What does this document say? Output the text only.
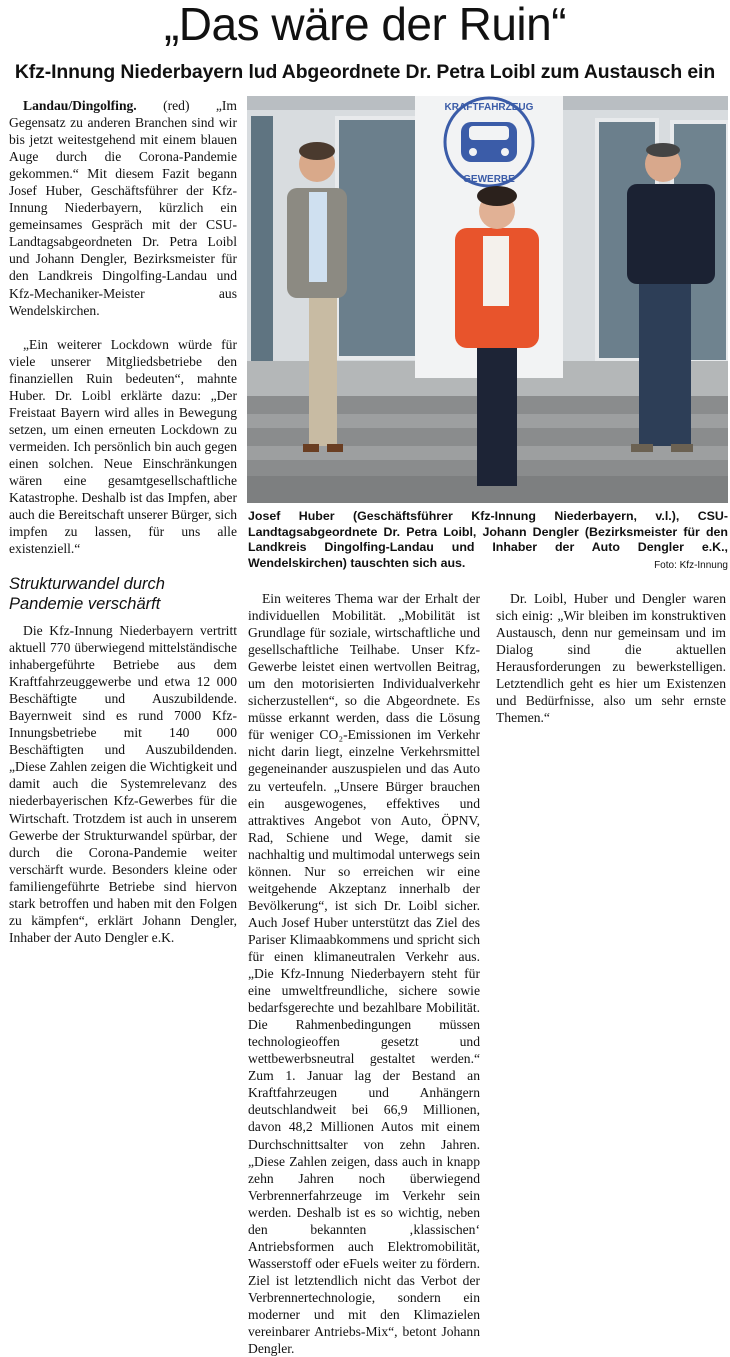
„Das wäre der Ruin“
Kfz-Innung Niederbayern lud Abgeordnete Dr. Petra Loibl zum Austausch ein

Landau/Dingolfing. (red) „Im Gegensatz zu anderen Branchen sind wir bis jetzt weitestgehend mit einem blauen Auge durch die Corona-Pandemie gekommen.“ Mit diesem Fazit begann Josef Huber, Geschäftsführer der Kfz-Innung Niederbayern, kürzlich ein gemeinsames Gespräch mit der CSU-Landtagsabgeordneten Dr. Petra Loibl und Johann Dengler, Bezirksmeister für den Landkreis Dingolfing-Landau und Kfz-Mechaniker-Meister aus Wendelskirchen.

„Ein weiterer Lockdown würde für viele unserer Mitgliedsbetriebe den finanziellen Ruin bedeuten“, mahnte Huber. Dr. Loibl erklärte dazu: „Der Freistaat Bayern wird alles in Bewegung setzen, um einen erneuten Lockdown zu vermeiden. Ich persönlich bin auch gegen einen solchen. Neue Einschränkungen wären eine gesamtgesellschaftliche Katastrophe. Deshalb ist das Impfen, aber auch die Bereitschaft unserer Bürger, sich impfen zu lassen, für uns alle existenziell.“

Strukturwandel durch Pandemie verschärft

Die Kfz-Innung Niederbayern vertritt aktuell 770 überwiegend mittelständische inhabergeführte Betriebe aus dem Kraftfahrzeuggewerbe und etwa 12 000 Beschäftigte und Auszubildende. Bayernweit sind es rund 7000 Kfz-Innungsbetriebe mit 140 000 Beschäftigten und Auszubildenden. „Diese Zahlen zeigen die Wichtigkeit und damit auch die Systemrelevanz des niederbayerischen Kfz-Gewerbes für die Wirtschaft. Trotzdem ist auch in unserem Gewerbe der Strukturwandel spürbar, der durch die Corona-Pandemie weiter verschärft wurde. Besonders kleine oder familiengeführte Betriebe sind hiervon stark betroffen und haben mit den Folgen zu kämpfen“, erklärt Johann Dengler, Inhaber der Auto Dengler e.K.

Ein weiteres Thema war der Erhalt der individuellen Mobilität. „Mobilität ist Grundlage für soziale, wirtschaftliche und gesellschaftliche Teilhabe. Unser Kfz-Gewerbe leistet einen wertvollen Beitrag, um den motorisierten Individualverkehr sicherzustellen“, so die Abgeordnete. Es müsse erkannt werden, dass die Lösung für weniger CO₂-Emissionen im Verkehr nicht darin liegt, einzelne Verkehrsmittel gegeneinander auszuspielen und das Auto zu verteufeln. „Unsere Bürger brauchen ein ausgewogenes, effektives und attraktives Angebot von Auto, ÖPNV, Rad, Schiene und Wege, damit sie nachhaltig und multimodal unterwegs sein können. Nur so erreichen wir eine weitgehende Akzeptanz innerhalb der Bevölkerung“, ist sich Dr. Loibl sicher. Auch Josef Huber unterstützt das Ziel des Pariser Klimaabkommens und spricht sich für einen klimaneutralen Verkehr aus. „Die Kfz-Innung Niederbayern steht für eine umweltfreundliche, sichere sowie bedarfsgerechte und bezahlbare Mobilität. Die Rahmenbedingungen müssen technologieoffen gesetzt und wettbewerbsneutral gestaltet werden.“ Zum 1. Januar lag der Bestand an Kraftfahrzeugen und Anhängern deutschlandweit bei 66,9 Millionen, davon 48,2 Millionen Autos mit einem Durchschnittsalter von zehn Jahren. „Diese Zahlen zeigen, dass auch in knapp zehn Jahren noch überwiegend Verbrennerfahrzeuge im Verkehr sein werden. Deshalb ist es so wichtig, neben den bekannten ‚klassischen‘ Antriebsformen auch Elektromobilität, Wasserstoff oder eFuels weiter zu fördern. Ziel ist letztendlich nicht das Verbot der Verbrennertechnologie, sondern ein moderner und mit den Klimazielen vereinbarer Antriebs-Mix“, betont Johann Dengler.

Dr. Loibl, Huber und Dengler waren sich einig: „Wir bleiben im konstruktiven Austausch, denn nur gemeinsam und im Dialog sind die aktuellen Herausforderungen zu bewerkstelligen. Letztendlich geht es hier um Existenzen und Bedürfnisse, also um sehr ernste Themen.“

KRAFTFAHRZEUG
GEWERBE
Josef Huber (Geschäftsführer Kfz-Innung Niederbayern, v.l.), CSU-Landtagsabgeordnete Dr. Petra Loibl, Johann Dengler (Bezirksmeister für den Landkreis Dingolfing-Landau und Inhaber der Auto Dengler e.K., Wendelskirchen) tauschten sich aus.	Foto: Kfz-Innung
